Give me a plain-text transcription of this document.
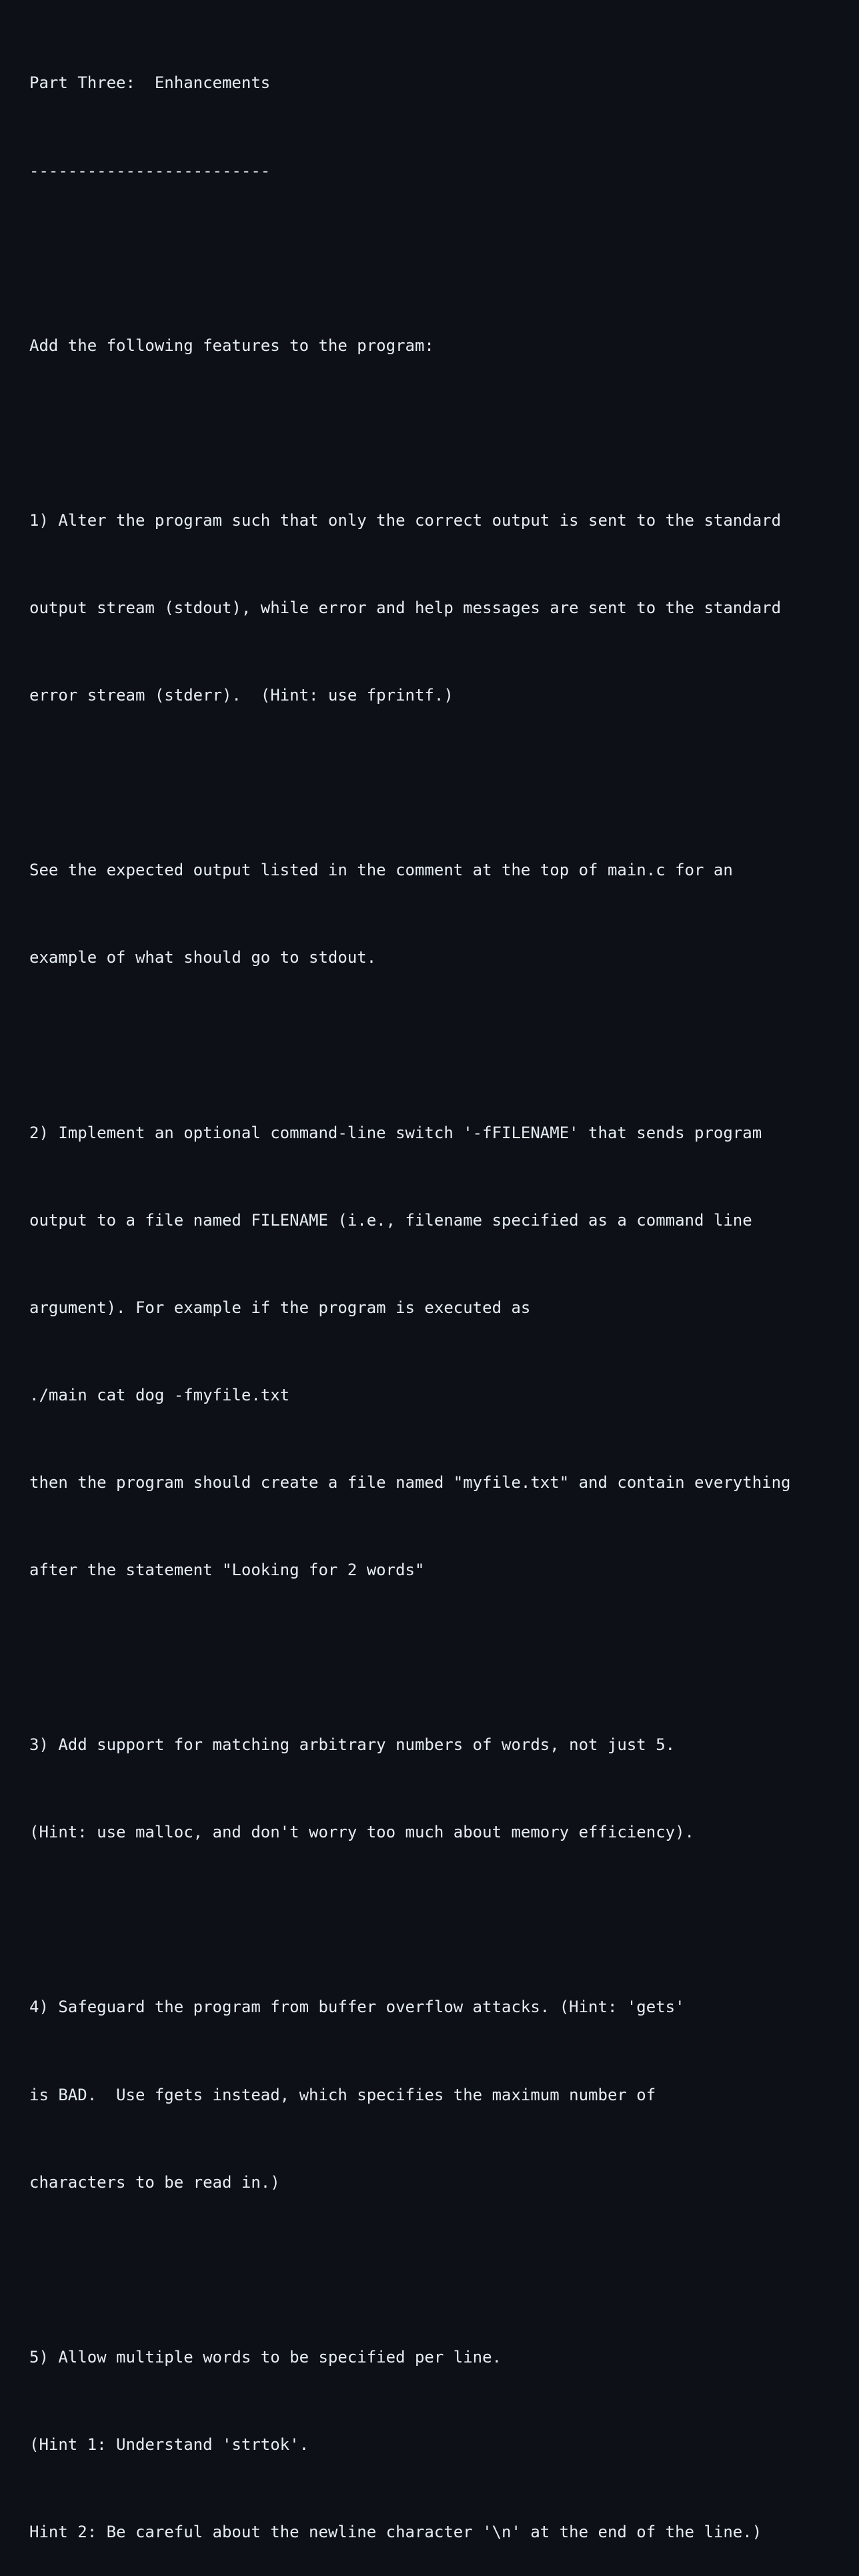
Part Three:  Enhancements

-------------------------

Add the following features to the program:

1) Alter the program such that only the correct output is sent to the standard

output stream (stdout), while error and help messages are sent to the standard

error stream (stderr).  (Hint: use fprintf.)

See the expected output listed in the comment at the top of main.c for an

example of what should go to stdout.

2) Implement an optional command-line switch '-fFILENAME' that sends program

output to a file named FILENAME (i.e., filename specified as a command line

argument). For example if the program is executed as

./main cat dog -fmyfile.txt

then the program should create a file named "myfile.txt" and contain everything

after the statement "Looking for 2 words"

3) Add support for matching arbitrary numbers of words, not just 5.

(Hint: use malloc, and don't worry too much about memory efficiency).

4) Safeguard the program from buffer overflow attacks. (Hint: 'gets'

is BAD.  Use fgets instead, which specifies the maximum number of

characters to be read in.)

5) Allow multiple words to be specified per line.

(Hint 1: Understand 'strtok'.

Hint 2: Be careful about the newline character '\n' at the end of the line.)
